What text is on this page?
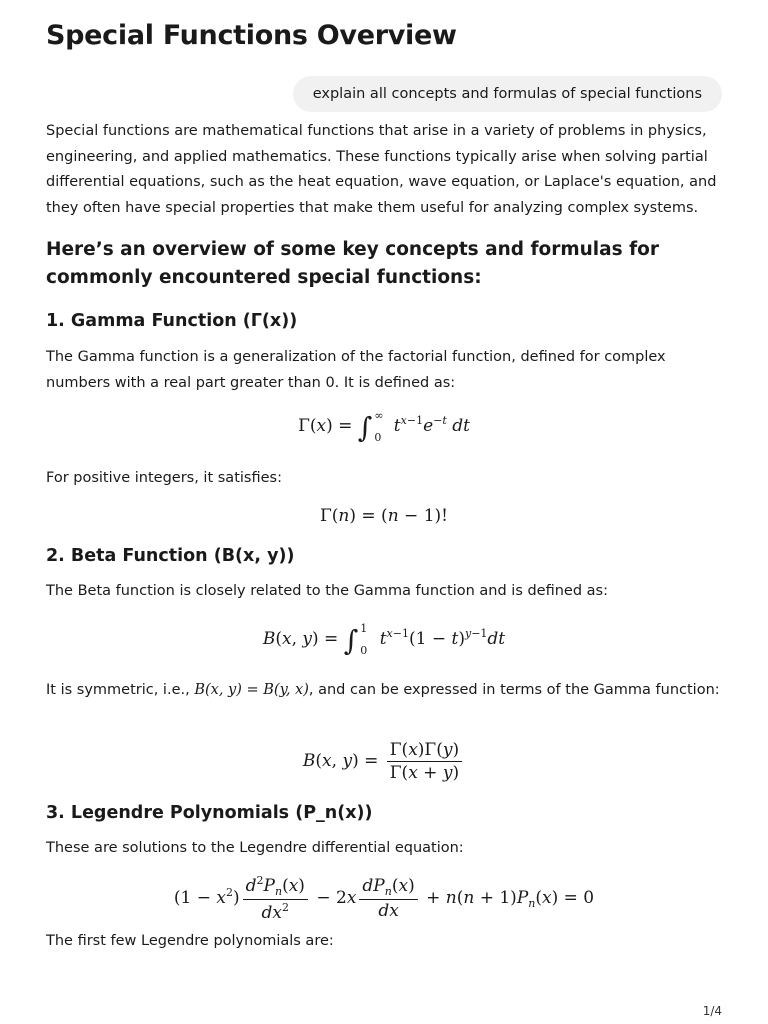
Special Functions Overview
explain all concepts and formulas of special functions

Special functions are mathematical functions that arise in a variety of problems in physics, engineering, and applied mathematics. These functions typically arise when solving partial differential equations, such as the heat equation, wave equation, or Laplace's equation, and they often have special properties that make them useful for analyzing complex systems.

Here’s an overview of some key concepts and formulas for commonly encountered special functions:

1. Gamma Function (Γ(x))

The Gamma function is a generalization of the factorial function, defined for complex numbers with a real part greater than 0. It is defined as:

Γ(x) = ∫ ∞
0
$t^{x-1}e^{-t}$ dt

For positive integers, it satisfies:

Γ(n) = (n − 1)!

2. Beta Function (B(x, y))

The Beta function is closely related to the Gamma function and is defined as:

B(x, y) = ∫ 1
0
$t^{x-1}(1 - t)^{y-1}dt$

It is symmetric, i.e., B(x, y) = B(y, x), and can be expressed in terms of the Gamma function:

B(x, $y) = \frac{\Gamma(x)\Gamma(y)}{\Gamma(x + y)}$

3. Legendre Polynomials (P_n(x))

These are solutions to the Legendre differential equation:

$(1 - x^2) \frac{d^2P_n(x)}{dx^2} - 2x \frac{dP_n(x)}{dx} + n(n + 1)P_n(x) = 0$

The first few Legendre polynomials are:

1/4
